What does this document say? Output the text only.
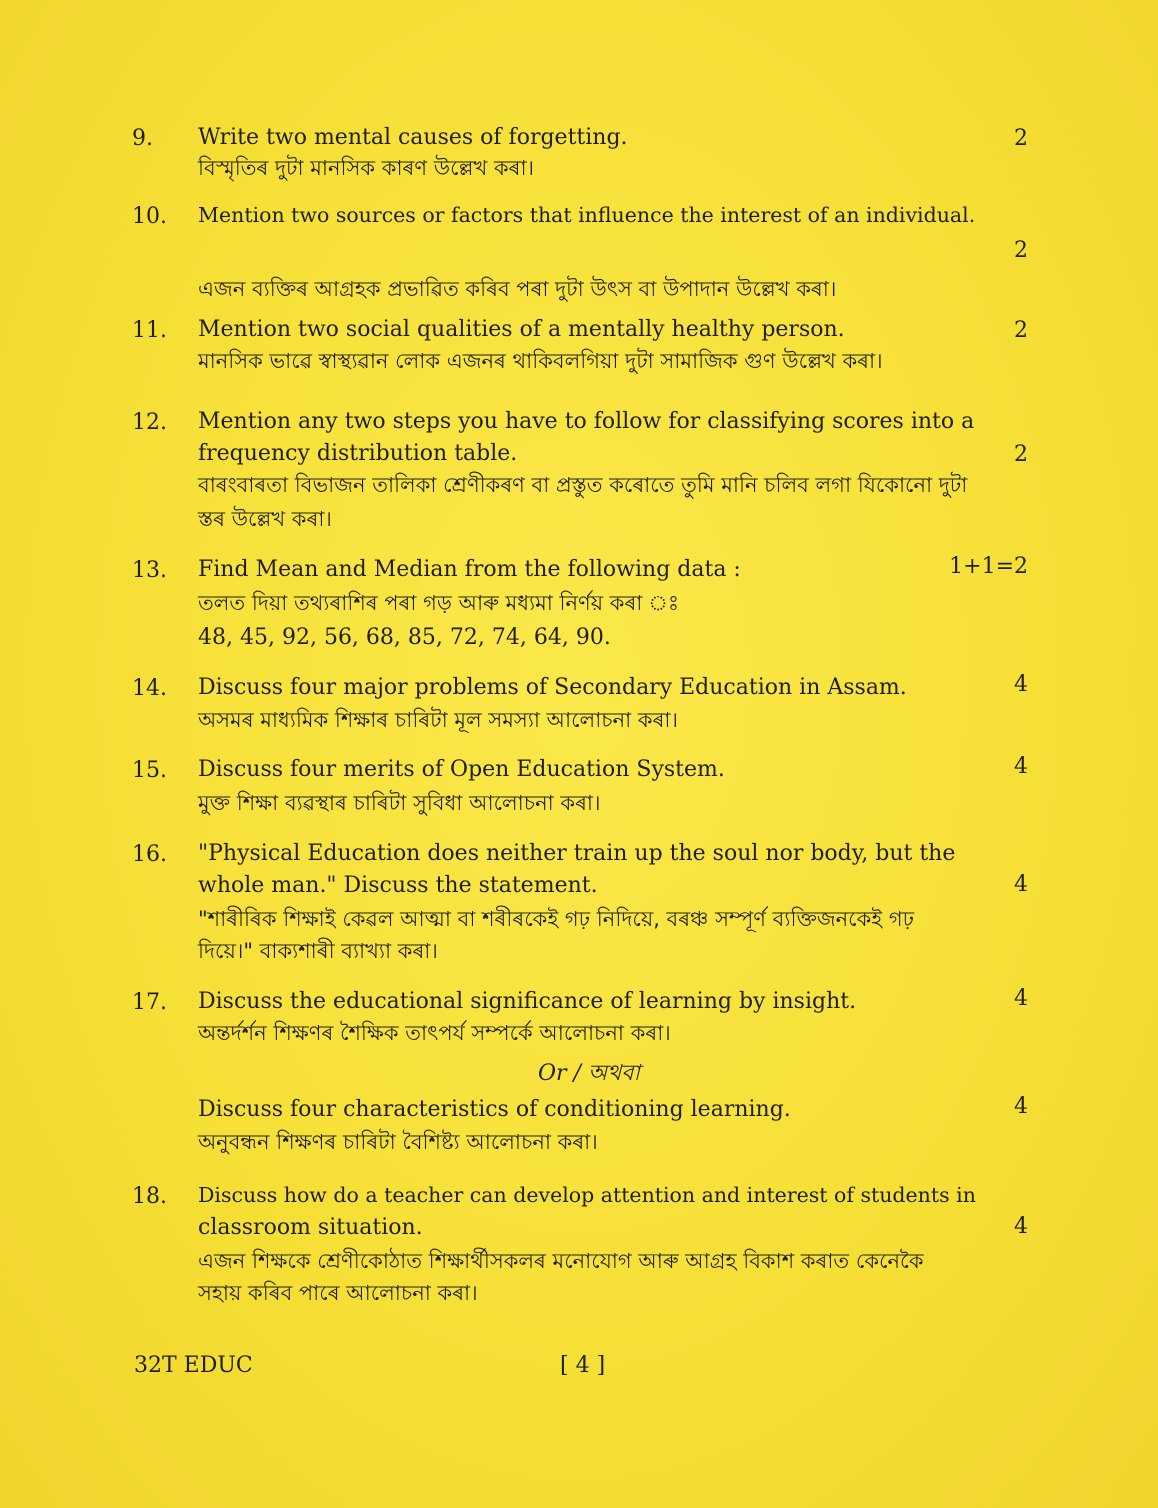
9. Write two mental causes of forgetting.	2
বিস্মৃতিৰ দুটা মানসিক কাৰণ উল্লেখ কৰা।
10. Mention two sources or factors that influence the interest of an individual.
2
এজন ব্যক্তিৰ আগ্ৰহক প্ৰভাৱিত কৰিব পৰা দুটা উৎস বা উপাদান উল্লেখ কৰা।
11. Mention two social qualities of a mentally healthy person.	2
মানসিক ভাৱে স্বাস্থ্যৱান লোক এজনৰ থাকিবলগিয়া দুটা সামাজিক গুণ উল্লেখ কৰা।
12. Mention any two steps you have to follow for classifying scores into a
frequency distribution table.	2
বাৰংবাৰতা বিভাজন তালিকা শ্ৰেণীকৰণ বা প্ৰস্তুত কৰোতে তুমি মানি চলিব লগা যিকোনো দুটা
স্তৰ উল্লেখ কৰা।
13. Find Mean and Median from the following data :	1+1=2
তলত দিয়া তথ্যৰাশিৰ পৰা গড় আৰু মধ্যমা নিৰ্ণয় কৰা ঃ
48, 45, 92, 56, 68, 85, 72, 74, 64, 90.
14. Discuss four major problems of Secondary Education in Assam.	4
অসমৰ মাধ্যমিক শিক্ষাৰ চাৰিটা মূল সমস্যা আলোচনা কৰা।
15. Discuss four merits of Open Education System.	4
মুক্ত শিক্ষা ব্যৱস্থাৰ চাৰিটা সুবিধা আলোচনা কৰা।
16. "Physical Education does neither train up the soul nor body, but the
whole man." Discuss the statement.	4
"শাৰীৰিক শিক্ষাই কেৱল আত্মা বা শৰীৰকেই গঢ় নিদিয়ে, বৰঞ্চ সম্পূৰ্ণ ব্যক্তিজনকেই গঢ়
দিয়ে।" বাক্যশাৰী ব্যাখ্যা কৰা।
17. Discuss the educational significance of learning by insight.	4
অন্তৰ্দৰ্শন শিক্ষণৰ শৈক্ষিক তাৎপৰ্য সম্পৰ্কে আলোচনা কৰা।
Or / অথবা
Discuss four characteristics of conditioning learning.	4
অনুবন্ধন শিক্ষণৰ চাৰিটা বৈশিষ্ট্য আলোচনা কৰা।
18. Discuss how do a teacher can develop attention and interest of students in
classroom situation.	4
এজন শিক্ষকে শ্ৰেণীকোঠাত শিক্ষাৰ্থীসকলৰ মনোযোগ আৰু আগ্ৰহ বিকাশ কৰাত কেনেকৈ
সহায় কৰিব পাৰে আলোচনা কৰা।
32T EDUC	[ 4 ]
